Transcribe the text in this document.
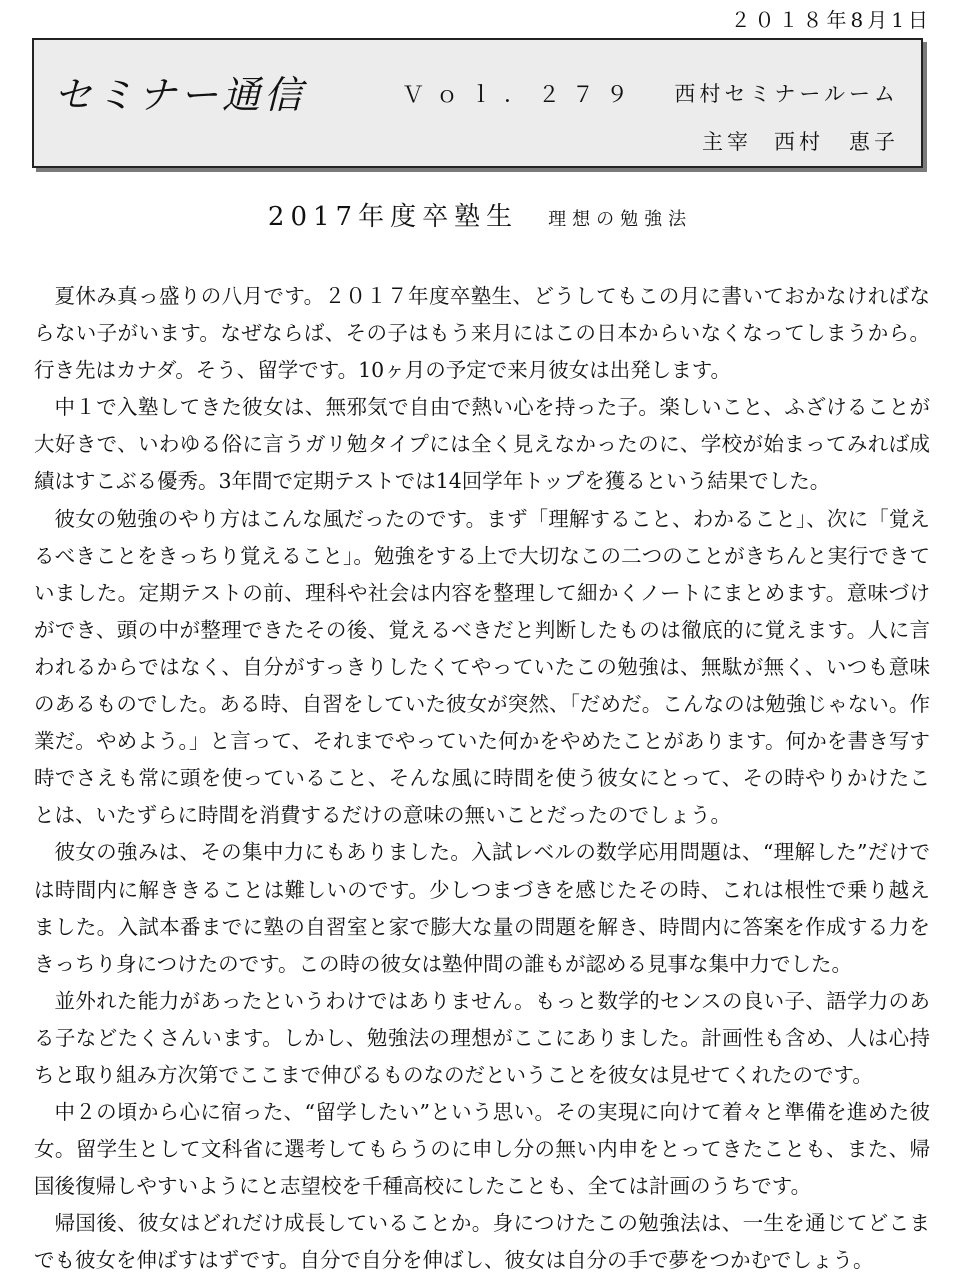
２０１８年8月1日
セミナー通信	Ｖｏｌ．２７９ 西村セミナールーム
主宰 西村　恵子
2017年度卒塾生 理想の勉強法

夏休み真っ盛りの八月です。２０１７年度卒塾生、どうしてもこの月に書いておかなければならない子がいます。なぜならば、その子はもう来月にはこの日本からいなくなってしまうから。行き先はカナダ。そう、留学です。10ヶ月の予定で来月彼女は出発します。

中１で入塾してきた彼女は、無邪気で自由で熱い心を持った子。楽しいこと、ふざけることが大好きで、いわゆる俗に言うガリ勉タイプには全く見えなかったのに、学校が始まってみれば成績はすこぶる優秀。3年間で定期テストでは14回学年トップを獲るという結果でした。

彼女の勉強のやり方はこんな風だったのです。まず「理解すること、わかること」、次に「覚えるべきことをきっちり覚えること」。勉強をする上で大切なこの二つのことがきちんと実行できていました。定期テストの前、理科や社会は内容を整理して細かくノートにまとめます。意味づけができ、頭の中が整理できたその後、覚えるべきだと判断したものは徹底的に覚えます。人に言われるからではなく、自分がすっきりしたくてやっていたこの勉強は、無駄が無く、いつも意味のあるものでした。ある時、自習をしていた彼女が突然、「だめだ。こんなのは勉強じゃない。作業だ。やめよう。」と言って、それまでやっていた何かをやめたことがあります。何かを書き写す時でさえも常に頭を使っていること、そんな風に時間を使う彼女にとって、その時やりかけたことは、いたずらに時間を消費するだけの意味の無いことだったのでしょう。

彼女の強みは、その集中力にもありました。入試レベルの数学応用問題は、“理解した”だけでは時間内に解ききることは難しいのです。少しつまづきを感じたその時、これは根性で乗り越えました。入試本番までに塾の自習室と家で膨大な量の問題を解き、時間内に答案を作成する力をきっちり身につけたのです。この時の彼女は塾仲間の誰もが認める見事な集中力でした。

並外れた能力があったというわけではありません。もっと数学的センスの良い子、語学力のある子などたくさんいます。しかし、勉強法の理想がここにありました。計画性も含め、人は心持ちと取り組み方次第でここまで伸びるものなのだということを彼女は見せてくれたのです。

中２の頃から心に宿った、“留学したい”という思い。その実現に向けて着々と準備を進めた彼女。留学生として文科省に選考してもらうのに申し分の無い内申をとってきたことも、また、帰国後復帰しやすいようにと志望校を千種高校にしたことも、全ては計画のうちです。

帰国後、彼女はどれだけ成長していることか。身につけたこの勉強法は、一生を通じてどこまでも彼女を伸ばすはずです。自分で自分を伸ばし、彼女は自分の手で夢をつかむでしょう。
